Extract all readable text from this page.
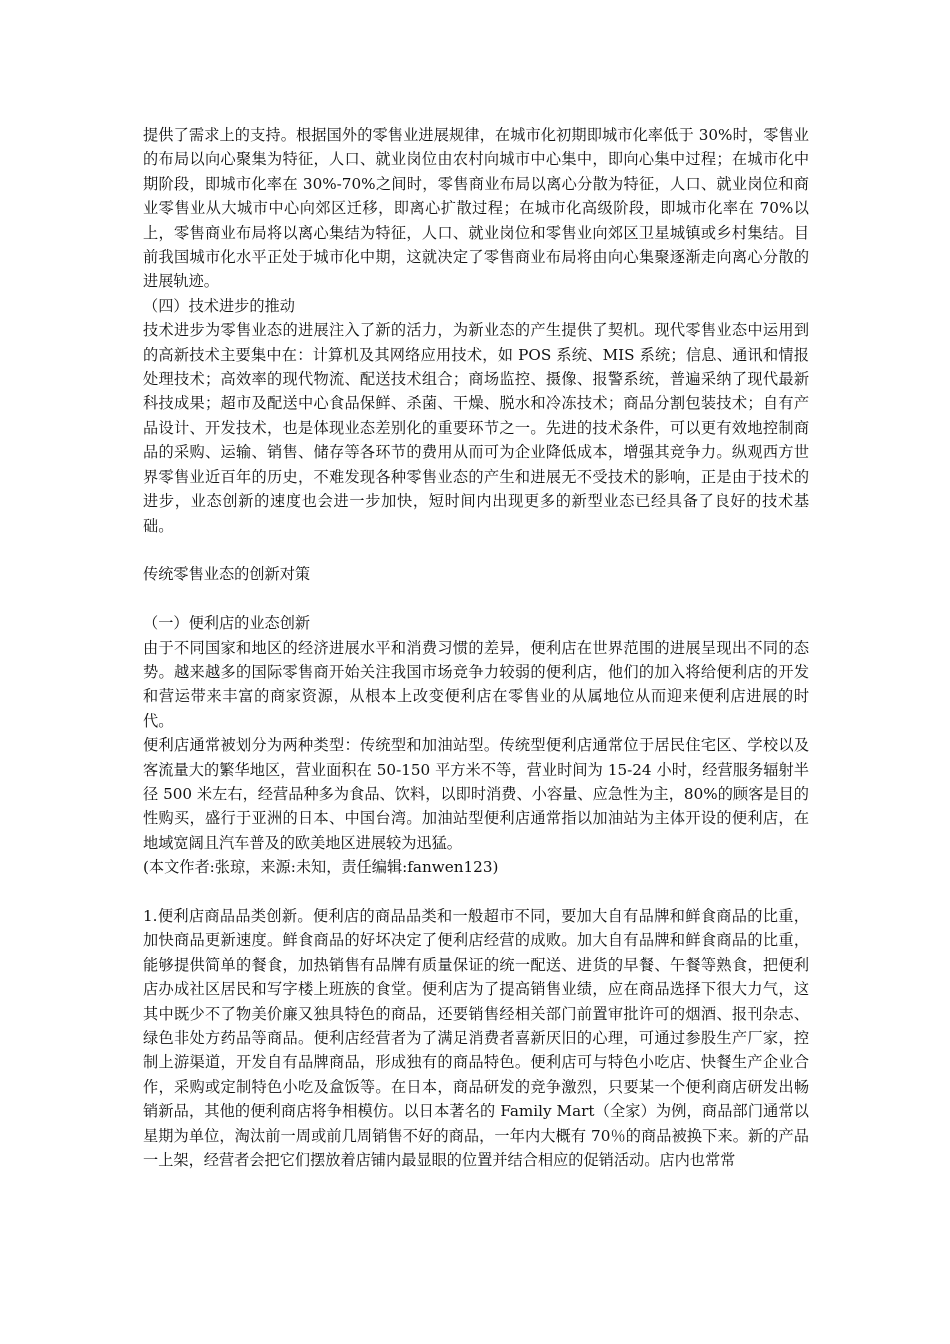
提供了需求上的支持。根据国外的零售业进展规律，在城市化初期即城市化率低于 30%时，零售业的布局以向心聚集为特征，人口、就业岗位由农村向城市中心集中，即向心集中过程；在城市化中期阶段，即城市化率在 30%-70%之间时，零售商业布局以离心分散为特征，人口、就业岗位和商业零售业从大城市中心向郊区迁移，即离心扩散过程；在城市化高级阶段，即城市化率在 70%以上，零售商业布局将以离心集结为特征，人口、就业岗位和零售业向郊区卫星城镇或乡村集结。目前我国城市化水平正处于城市化中期，这就决定了零售商业布局将由向心集聚逐渐走向离心分散的进展轨迹。

（四）技术进步的推动

技术进步为零售业态的进展注入了新的活力，为新业态的产生提供了契机。现代零售业态中运用到的高新技术主要集中在：计算机及其网络应用技术，如 POS 系统、MIS 系统；信息、通讯和情报处理技术；高效率的现代物流、配送技术组合；商场监控、摄像、报警系统，普遍采纳了现代最新科技成果；超市及配送中心食品保鲜、杀菌、干燥、脱水和冷冻技术；商品分割包装技术；自有产品设计、开发技术，也是体现业态差别化的重要环节之一。先进的技术条件，可以更有效地控制商品的采购、运输、销售、储存等各环节的费用从而可为企业降低成本，增强其竞争力。纵观西方世界零售业近百年的历史，不难发现各种零售业态的产生和进展无不受技术的影响，正是由于技术的进步，业态创新的速度也会进一步加快，短时间内出现更多的新型业态已经具备了良好的技术基础。

传统零售业态的创新对策

（一）便利店的业态创新

由于不同国家和地区的经济进展水平和消费习惯的差异，便利店在世界范围的进展呈现出不同的态势。越来越多的国际零售商开始关注我国市场竞争力较弱的便利店，他们的加入将给便利店的开发和营运带来丰富的商家资源，从根本上改变便利店在零售业的从属地位从而迎来便利店进展的时代。

便利店通常被划分为两种类型：传统型和加油站型。传统型便利店通常位于居民住宅区、学校以及客流量大的繁华地区，营业面积在 50-150 平方米不等，营业时间为 15-24 小时，经营服务辐射半径 500 米左右，经营品种多为食品、饮料，以即时消费、小容量、应急性为主，80%的顾客是目的性购买，盛行于亚洲的日本、中国台湾。加油站型便利店通常指以加油站为主体开设的便利店，在地域宽阔且汽车普及的欧美地区进展较为迅猛。

(本文作者:张琼，来源:未知，责任编辑:fanwen123)

1.便利店商品品类创新。便利店的商品品类和一般超市不同，要加大自有品牌和鲜食商品的比重，加快商品更新速度。鲜食商品的好坏决定了便利店经营的成败。加大自有品牌和鲜食商品的比重，能够提供简单的餐食，加热销售有品牌有质量保证的统一配送、进货的早餐、午餐等熟食，把便利店办成社区居民和写字楼上班族的食堂。便利店为了提高销售业绩，应在商品选择下很大力气，这其中既少不了物美价廉又独具特色的商品，还要销售经相关部门前置审批许可的烟酒、报刊杂志、绿色非处方药品等商品。便利店经营者为了满足消费者喜新厌旧的心理，可通过参股生产厂家，控制上游渠道，开发自有品牌商品，形成独有的商品特色。便利店可与特色小吃店、快餐生产企业合作，采购或定制特色小吃及盒饭等。在日本，商品研发的竞争激烈，只要某一个便利商店研发出畅销新品，其他的便利商店将争相模仿。以日本著名的 Family Mart（全家）为例，商品部门通常以星期为单位，淘汰前一周或前几周销售不好的商品，一年内大概有 70％的商品被换下来。新的产品一上架，经营者会把它们摆放着店铺内最显眼的位置并结合相应的促销活动。店内也常常
